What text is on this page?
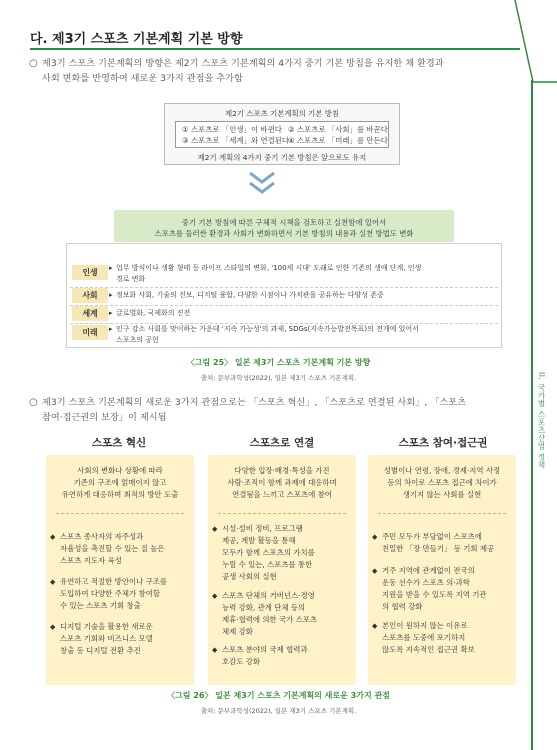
II. 국가별 스포츠산업 정책
다. 제3기 스포츠 기본계획 기본 방향
○ 제3기 스포츠 기본계획의 방향은 제2기 스포츠 기본계획의 4가지 중기 기본 방침을 유지한 채 환경과
사회 변화를 반영하여 새로운 3가지 관점을 추가함
제2기 스포츠 기본계획의 기본 방침
① 스포츠로 「인생」이 바뀐다 ② 스포츠로 「사회」를 바꾼다
③ 스포츠로 「세계」와 연결된다 ④ 스포츠로 「미래」를 만든다
제2기 계획의 4가지 중기 기본 방침은 앞으로도 유지
중기 기본 방침에 따른 구체적 시책을 검토하고 실천함에 있어서
스포츠를 둘러싼 환경과 사회가 변화하면서 기본 방침의 내용과 실천 방법도 변화
인생	▸ 업무 방식이나 생활 형태 등 라이프 스타일의 변화, '100세 시대' 도래로 인한 기존의 생애 단계, 인생
경로 변화
사회	▸ 정보화 사회, 기술의 진보, 디지털 융합, 다양한 시점이나 가치관을 공유하는 다양성 존중
세계	▸ 글로벌화, 국제화의 진전
미래	▸ 인구 감소 사회를 맞이하는 가운데 '지속 가능성'의 과제, SDGs(지속가능발전목표)의 전개에 있어서
스포츠의 공헌
〈그림 25〉 일본 제3기 스포츠 기본계획 기본 방향
출처: 문부과학성(2022), 일본 제3기 스포츠 기본계획.
○ 제3기 스포츠 기본계획의 새로운 3가지 관점으로는 「스포츠 혁신」, 「스포츠로 연결된 사회」, 「스포츠
참여·접근권의 보장」이 제시됨
스포츠 혁신	스포츠로 연결	스포츠 참여·접근권
사회의 변화나 상황에 따라
기존의 구조에 얽매이지 않고
유연하게 대응하며 최적의 방안 도출
◆ 스포츠 종사자의 자주성과
자율성을 촉진할 수 있는 질 높은
스포츠 지도자 육성
◆ 유연하고 적절한 방안이나 구조를
도입하여 다양한 주체가 참여할
수 있는 스포츠 기회 창출
◆ 디지털 기술을 활용한 새로운
스포츠 기회와 비즈니스 모델
창출 등 디지털 전환 추진
다양한 입장·배경·특성을 가진
사람·조직이 함께 과제에 대응하며
연결됨을 느끼고 스포츠에 참여
◆ 시설·설비 정비, 프로그램
제공, 계발 활동을 통해
모두가 함께 스포츠의 가치를
누릴 수 있는, 스포츠를 통한
공생 사회의 실현
◆ 스포츠 단체의 거버넌스·경영
능력 강화, 관계 단체 등의
제휴·협력에 의한 국가 스포츠
체제 강화
◆ 스포츠 분야의 국제 협력과
호감도 강화
성별이나 연령, 장애, 경제·지역 사정
등의 차이로 스포츠 접근에 차이가
생기지 않는 사회를 실현
◆ 주민 모두가 부담없이 스포츠에
친밀한 「장 만들기」 등 기회 제공
◆ 거주 지역에 관계없이 전국의
운동 선수가 스포츠 의·과학
지원을 받을 수 있도록 지역 기관
의 협력 강화
◆ 본인이 원하지 않는 이유로
스포츠를 도중에 포기하지
않도록 지속적인 접근권 확보
〈그림 26〉 일본 제3기 스포츠 기본계획의 새로운 3가지 관점
출처: 문부과학성(2022), 일본 제3기 스포츠 기본계획.
